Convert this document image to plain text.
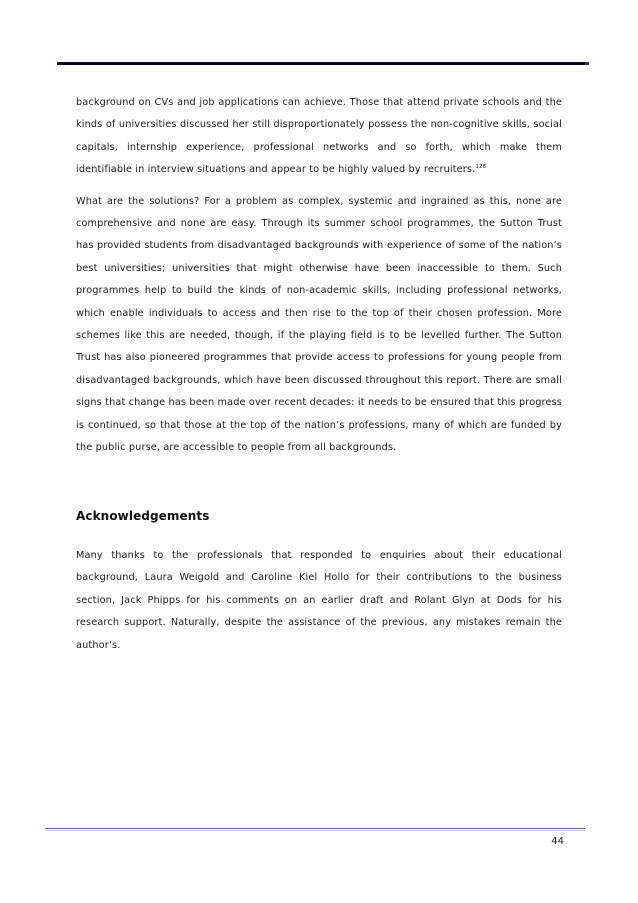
background on CVs and job applications can achieve. Those that attend private schools and the kinds of universities discussed her still disproportionately possess the non-cognitive skills, social capitals, internship experience, professional networks and so forth, which make them identifiable in interview situations and appear to be highly valued by recruiters.$^{128}$

What are the solutions? For a problem as complex, systemic and ingrained as this, none are comprehensive and none are easy. Through its summer school programmes, the Sutton Trust has provided students from disadvantaged backgrounds with experience of some of the nation’s best universities; universities that might otherwise have been inaccessible to them. Such programmes help to build the kinds of non-academic skills, including professional networks, which enable individuals to access and then rise to the top of their chosen profession. More schemes like this are needed, though, if the playing field is to be levelled further. The Sutton Trust has also pioneered programmes that provide access to professions for young people from disadvantaged backgrounds, which have been discussed throughout this report. There are small signs that change has been made over recent decades: it needs to be ensured that this progress is continued, so that those at the top of the nation’s professions, many of which are funded by the public purse, are accessible to people from all backgrounds.

Acknowledgements

Many thanks to the professionals that responded to enquiries about their educational background, Laura Weigold and Caroline Kiel Hollo for their contributions to the business section, Jack Phipps for his comments on an earlier draft and Rolant Glyn at Dods for his research support. Naturally, despite the assistance of the previous, any mistakes remain the author’s.

44
